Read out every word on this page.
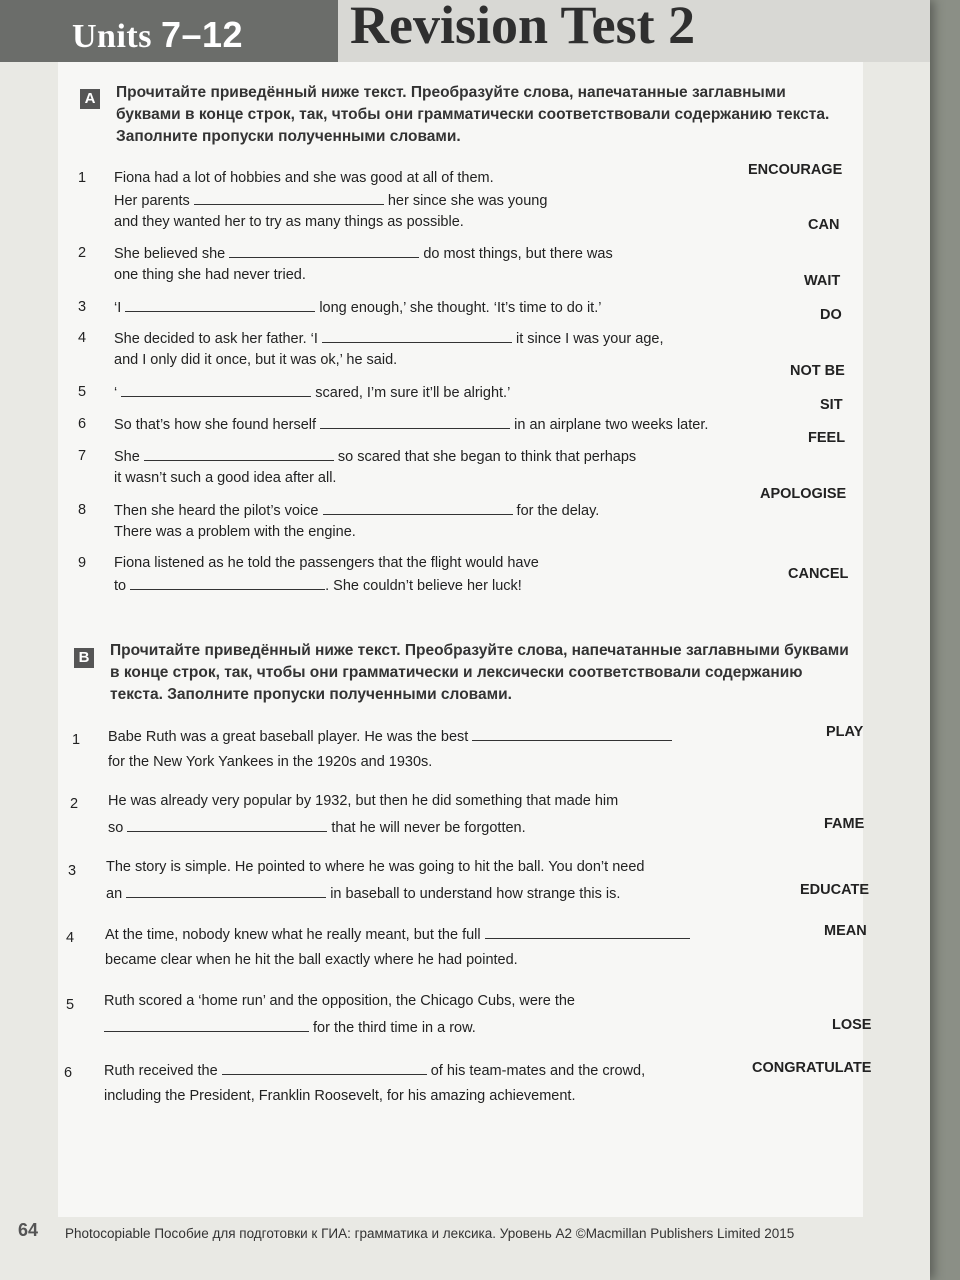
Units 7–12 Revision Test 2
A Прочитайте приведённый ниже текст. Преобразуйте слова, напечатанные заглавными буквами в конце строк, так, чтобы они грамматически соответствовали содержанию текста. Заполните пропуски полученными словами.
1 Fiona had a lot of hobbies and she was good at all of them.
Her parents	her since she was young
and they wanted her to try as many things as possible.
ENCOURAGE
2 She believed she	do most things, but there was
one thing she had never tried.
CAN
3 ‘I	long enough,’ she thought. ‘It’s time to do it.’
WAIT
4 She decided to ask her father. ‘I	it since I was your age,
and I only did it once, but it was ok,’ he said.
DO
5 ‘	scared, I’m sure it’ll be alright.’
NOT BE
6 So that’s how she found herself	in an airplane two weeks later.
SIT
7 She	so scared that she began to think that perhaps
it wasn’t such a good idea after all.
FEEL
8 Then she heard the pilot’s voice	for the delay.
There was a problem with the engine.
APOLOGISE
9 Fiona listened as he told the passengers that the flight would have
to	. She couldn’t believe her luck!
CANCEL
B Прочитайте приведённый ниже текст. Преобразуйте слова, напечатанные заглавными буквами в конце строк, так, чтобы они грамматически и лексически соответствовали содержанию текста. Заполните пропуски полученными словами.
1 Babe Ruth was a great baseball player. He was the best
for the New York Yankees in the 1920s and 1930s.
PLAY
2 He was already very popular by 1932, but then he did something that made him
so	that he will never be forgotten.	FAME
3 The story is simple. He pointed to where he was going to hit the ball. You don’t need
an	in baseball to understand how strange this is.	EDUCATE
4 At the time, nobody knew what he really meant, but the full
became clear when he hit the ball exactly where he had pointed.
MEAN
5 Ruth scored a ‘home run’ and the opposition, the Chicago Cubs, were the
for the third time in a row.	LOSE
6 Ruth received the	of his team-mates and the crowd,
including the President, Franklin Roosevelt, for his amazing achievement.
CONGRATULATE
64 Photocopiable Пособие для подготовки к ГИА: грамматика и лексика. Уровень А2 ©Macmillan Publishers Limited 2015
